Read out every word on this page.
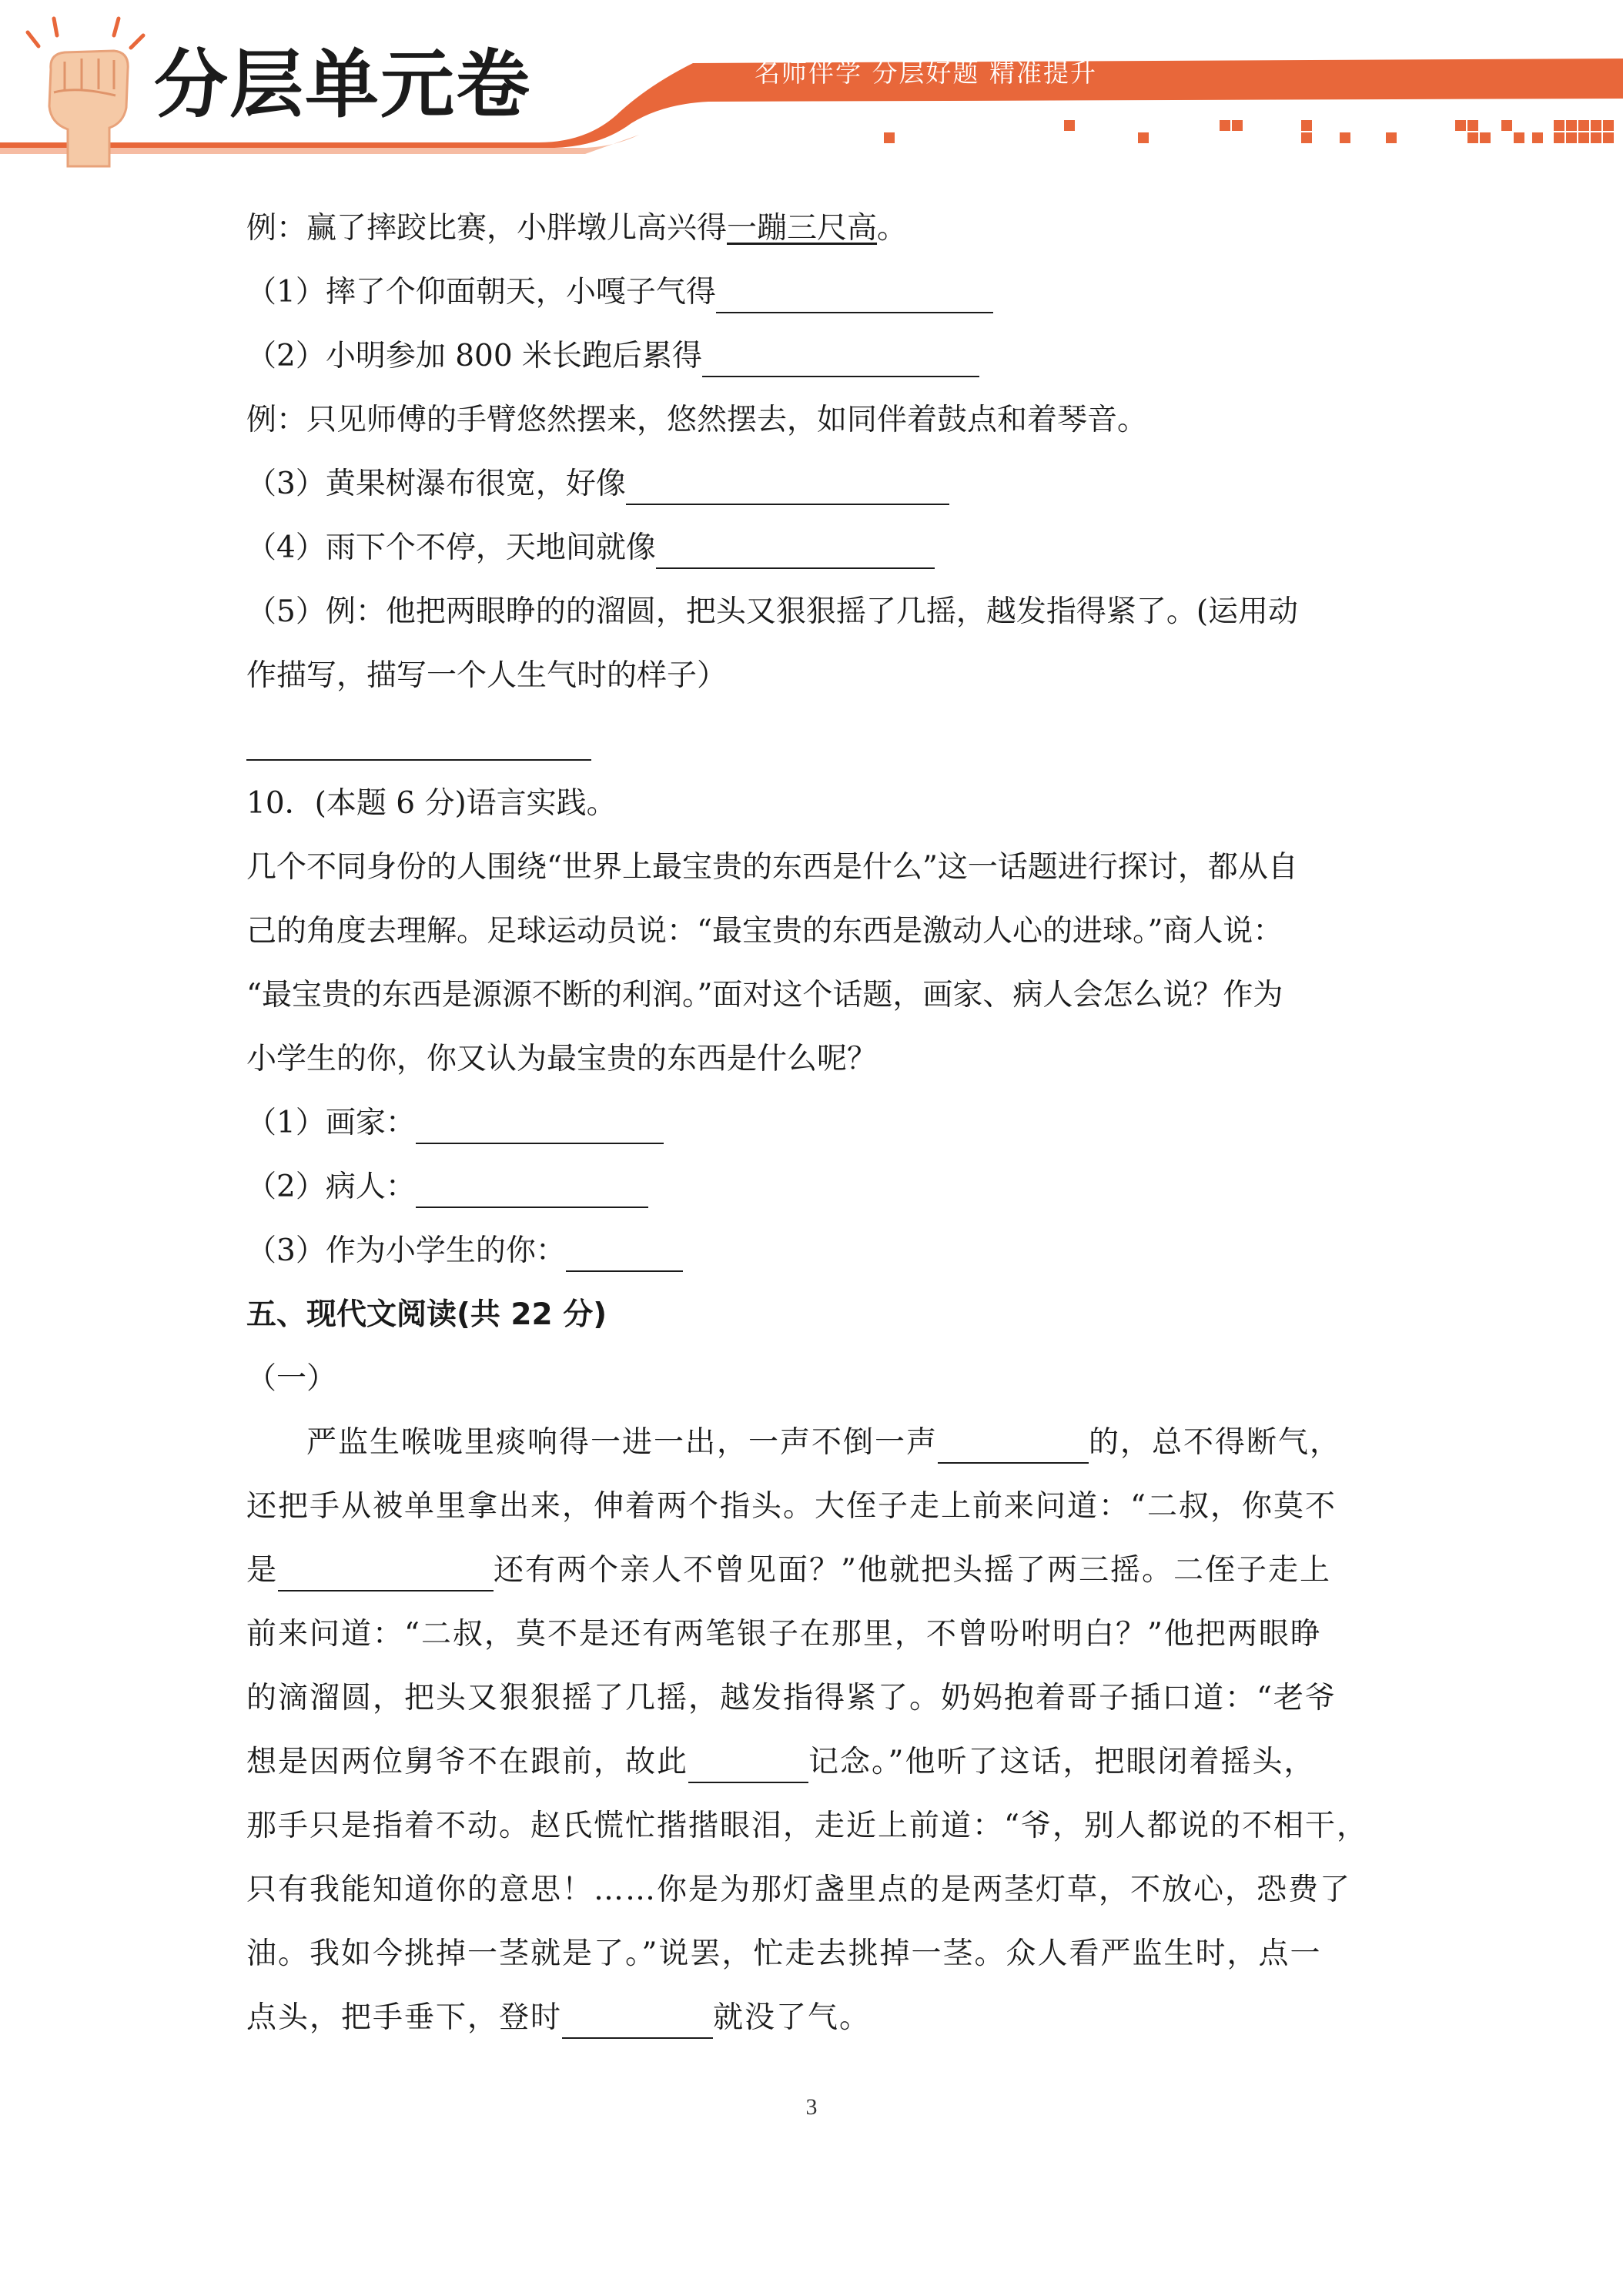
分层单元卷	名师伴学 分层好题 精准提升
例：赢了摔跤比赛，小胖墩儿高兴得一蹦三尺高。
（1）摔了个仰面朝天，小嘎子气得
（2）小明参加 800 米长跑后累得
例：只见师傅的手臂悠然摆来，悠然摆去，如同伴着鼓点和着琴音。
（3）黄果树瀑布很宽，好像
（4）雨下个不停，天地间就像
（5）例：他把两眼睁的的溜圆，把头又狠狠摇了几摇，越发指得紧了。(运用动
作描写，描写一个人生气时的样子）
10．(本题 6 分)语言实践。
几个不同身份的人围绕“世界上最宝贵的东西是什么”这一话题进行探讨，都从自
己的角度去理解。足球运动员说：“最宝贵的东西是激动人心的进球。”商人说：
“最宝贵的东西是源源不断的利润。”面对这个话题，画家、病人会怎么说？作为
小学生的你，你又认为最宝贵的东西是什么呢？
（1）画家：
（2）病人：
（3）作为小学生的你：
五、现代文阅读(共 22 分)
（一）
严监生喉咙里痰响得一进一出，一声不倒一声	的，总不得断气，
还把手从被单里拿出来，伸着两个指头。大侄子走上前来问道：“二叔，你莫不
是	还有两个亲人不曾见面？”他就把头摇了两三摇。二侄子走上
前来问道：“二叔，莫不是还有两笔银子在那里，不曾吩咐明白？”他把两眼睁
的滴溜圆，把头又狠狠摇了几摇，越发指得紧了。奶妈抱着哥子插口道：“老爷
想是因两位舅爷不在跟前，故此	记念。”他听了这话，把眼闭着摇头，
那手只是指着不动。赵氏慌忙揩揩眼泪，走近上前道：“爷，别人都说的不相干，
只有我能知道你的意思！……你是为那灯盏里点的是两茎灯草，不放心，恐费了
油。我如今挑掉一茎就是了。”说罢，忙走去挑掉一茎。众人看严监生时，点一
点头，把手垂下，登时	就没了气。
3
